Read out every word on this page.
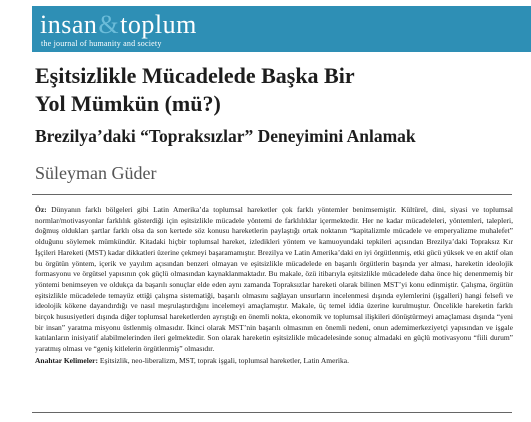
insan&toplum
the journal of humanity and society
Eşitsizlikle Mücadelede Başka Bir
Yol Mümkün (mü?)
Brezilya’daki “Topraksızlar” Deneyimini Anlamak
Süleyman Güder

Öz: Dünyanın farklı bölgeleri gibi Latin Amerika’da toplumsal hareketler çok farklı yöntemler benimsemiştir. Kültürel, dini, siyasi ve toplumsal normlar/motivasyonlar farklılık gösterdiği için eşitsizlikle mücadele yöntemi de farklılıklar içermektedir. Her ne kadar mücadeleleri, yöntemleri, talepleri, doğmuş oldukları şartlar farklı olsa da son kertede söz konusu hareketlerin paylaştığı ortak noktanın “kapitalizmle mücadele ve emperyalizme muhalefet” olduğunu söylemek mümkündür. Kitadaki hiçbir toplumsal hareket, izledikleri yöntem ve kamuoyundaki tepkileri açısından Brezilya’daki Topraksız Kır İşçileri Hareketi (MST) kadar dikkatleri üzerine çekmeyi başaramamıştır. Brezilya ve Latin Amerika’daki en iyi örgütlenmiş, etki gücü yüksek ve en aktif olan bu örgütün yöntem, içerik ve yayılım açısından benzeri olmayan ve eşitsizlikle mücadelede en başarılı örgütlerin başında yer alması, hareketin ideolojik formasyonu ve örgütsel yapısının çok güçlü olmasından kaynaklanmaktadır. Bu makale, özü itibarıyla eşitsizlikle mücadelede daha önce hiç denenmemiş bir yöntemi benimseyen ve oldukça da başarılı sonuçlar elde eden aynı zamanda Topraksızlar hareketi olarak bilinen MST’yi konu edinmiştir. Çalışma, örgütün eşitsizlikle mücadelede temayüz ettiği çalışma sistematiği, başarılı olmasını sağlayan unsurların incelenmesi dışında eylemlerini (işgalleri) hangi felsefi ve ideolojik kökene dayandırdığı ve nasıl meşrulaştırdığını incelemeyi amaçlamıştır. Makale, üç temel iddia üzerine kurulmuştur. Öncelikle hareketin farklı birçok hususiyetleri dışında diğer toplumsal hareketlerden ayrıştığı en önemli nokta, ekonomik ve toplumsal ilişkileri dönüştürmeyi amaçlaması dışında “yeni bir insan” yaratma misyonu üstlenmiş olmasıdır. İkinci olarak MST’nin başarılı olmasının en önemli nedeni, onun ademimerkeziyetçi yapısından ve işgale katılanların inisiyatif alabilmelerinden ileri gelmektedir. Son olarak hareketin eşitsizlikle mücadelesinde sonuç almadaki en güçlü motivasyonu “fiili durum” yaratmış olması ve “geniş kitlelerin örgütlenmiş” olmasıdır.

Anahtar Kelimeler: Eşitsizlik, neo-liberalizm, MST, toprak işgali, toplumsal hareketler, Latin Amerika.
